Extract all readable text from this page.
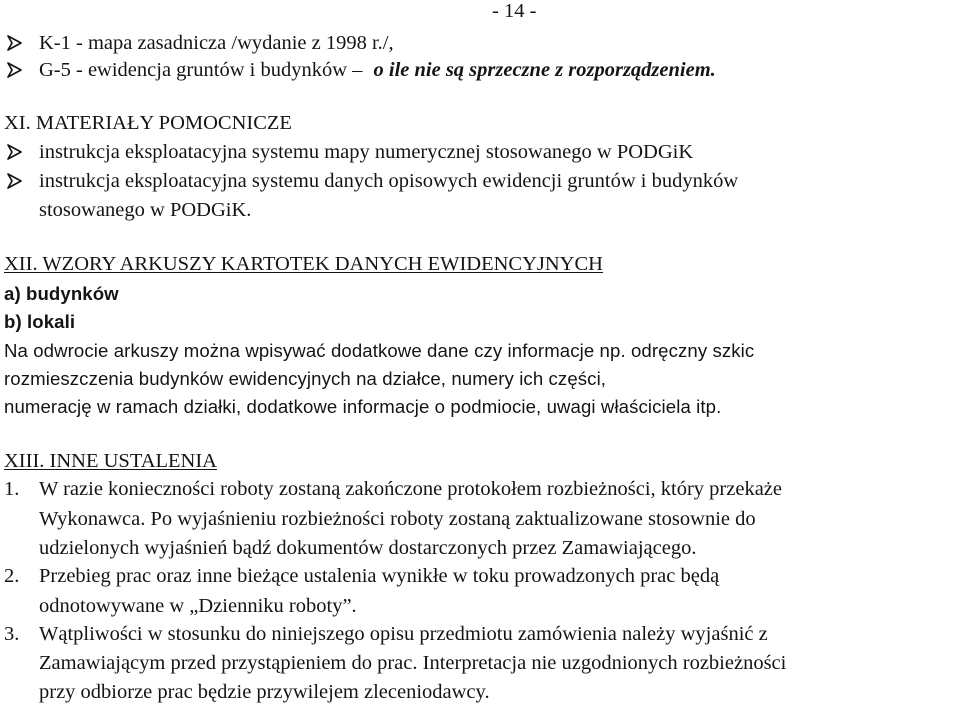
- 14 -
K-1 - mapa zasadnicza /wydanie z 1998 r./,
G-5 - ewidencja gruntów i budynków – o ile nie są sprzeczne z rozporządzeniem.
XI. MATERIAŁY POMOCNICZE
instrukcja eksploatacyjna systemu mapy numerycznej stosowanego w PODGiK
instrukcja eksploatacyjna systemu danych opisowych ewidencji gruntów i budynków
stosowanego w PODGiK.
XII. WZORY ARKUSZY KARTOTEK DANYCH EWIDENCYJNYCH
a) budynków
b) lokali
Na odwrocie arkuszy można wpisywać dodatkowe dane czy informacje np. odręczny szkic
rozmieszczenia budynków ewidencyjnych na działce, numery ich części,
numerację w ramach działki, dodatkowe informacje o podmiocie, uwagi właściciela itp.
XIII. INNE USTALENIA
1. W razie konieczności roboty zostaną zakończone protokołem rozbieżności, który przekaże
Wykonawca. Po wyjaśnieniu rozbieżności roboty zostaną zaktualizowane stosownie do
udzielonych wyjaśnień bądź dokumentów dostarczonych przez Zamawiającego.
2. Przebieg prac oraz inne bieżące ustalenia wynikłe w toku prowadzonych prac będą
odnotowywane w „Dzienniku roboty”.
3. Wątpliwości w stosunku do niniejszego opisu przedmiotu zamówienia należy wyjaśnić z
Zamawiającym przed przystąpieniem do prac. Interpretacja nie uzgodnionych rozbieżności
przy odbiorze prac będzie przywilejem zleceniodawcy.
